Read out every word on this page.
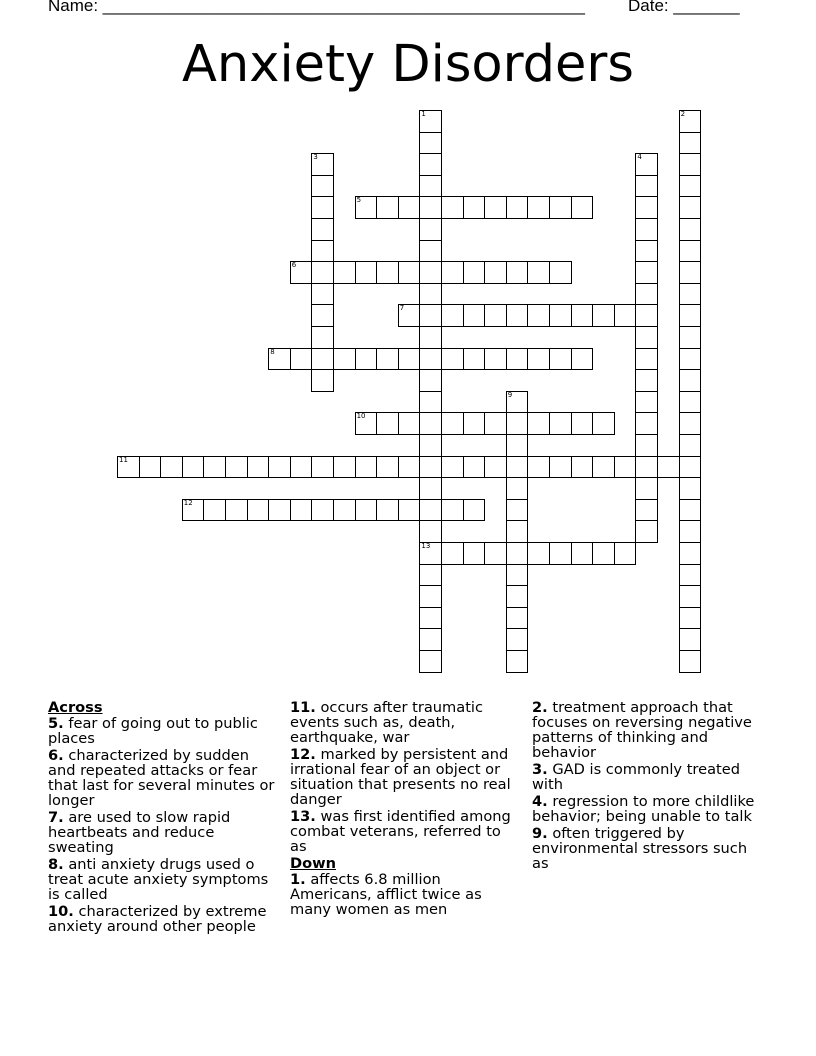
Name: ___________________________________________________	Date: _______
Anxiety Disorders
1
13
2
3	4
5
6
7
8
9
10
11
12
Across
5. fear of going out to public places
6. characterized by sudden and repeated attacks or fear that last for several minutes or longer
7. are used to slow rapid heartbeats and reduce sweating
8. anti anxiety drugs used o treat acute anxiety symptoms is called
10. characterized by extreme anxiety around other people
11. occurs after traumatic events such as, death, earthquake, war
12. marked by persistent and irrational fear of an object or situation that presents no real danger
13. was first identified among combat veterans, referred to as
Down
1. affects 6.8 million Americans, afflict twice as many women as men
2. treatment approach that focuses on reversing negative patterns of thinking and behavior
3. GAD is commonly treated with
4. regression to more childlike behavior; being unable to talk
9. often triggered by environmental stressors such as
